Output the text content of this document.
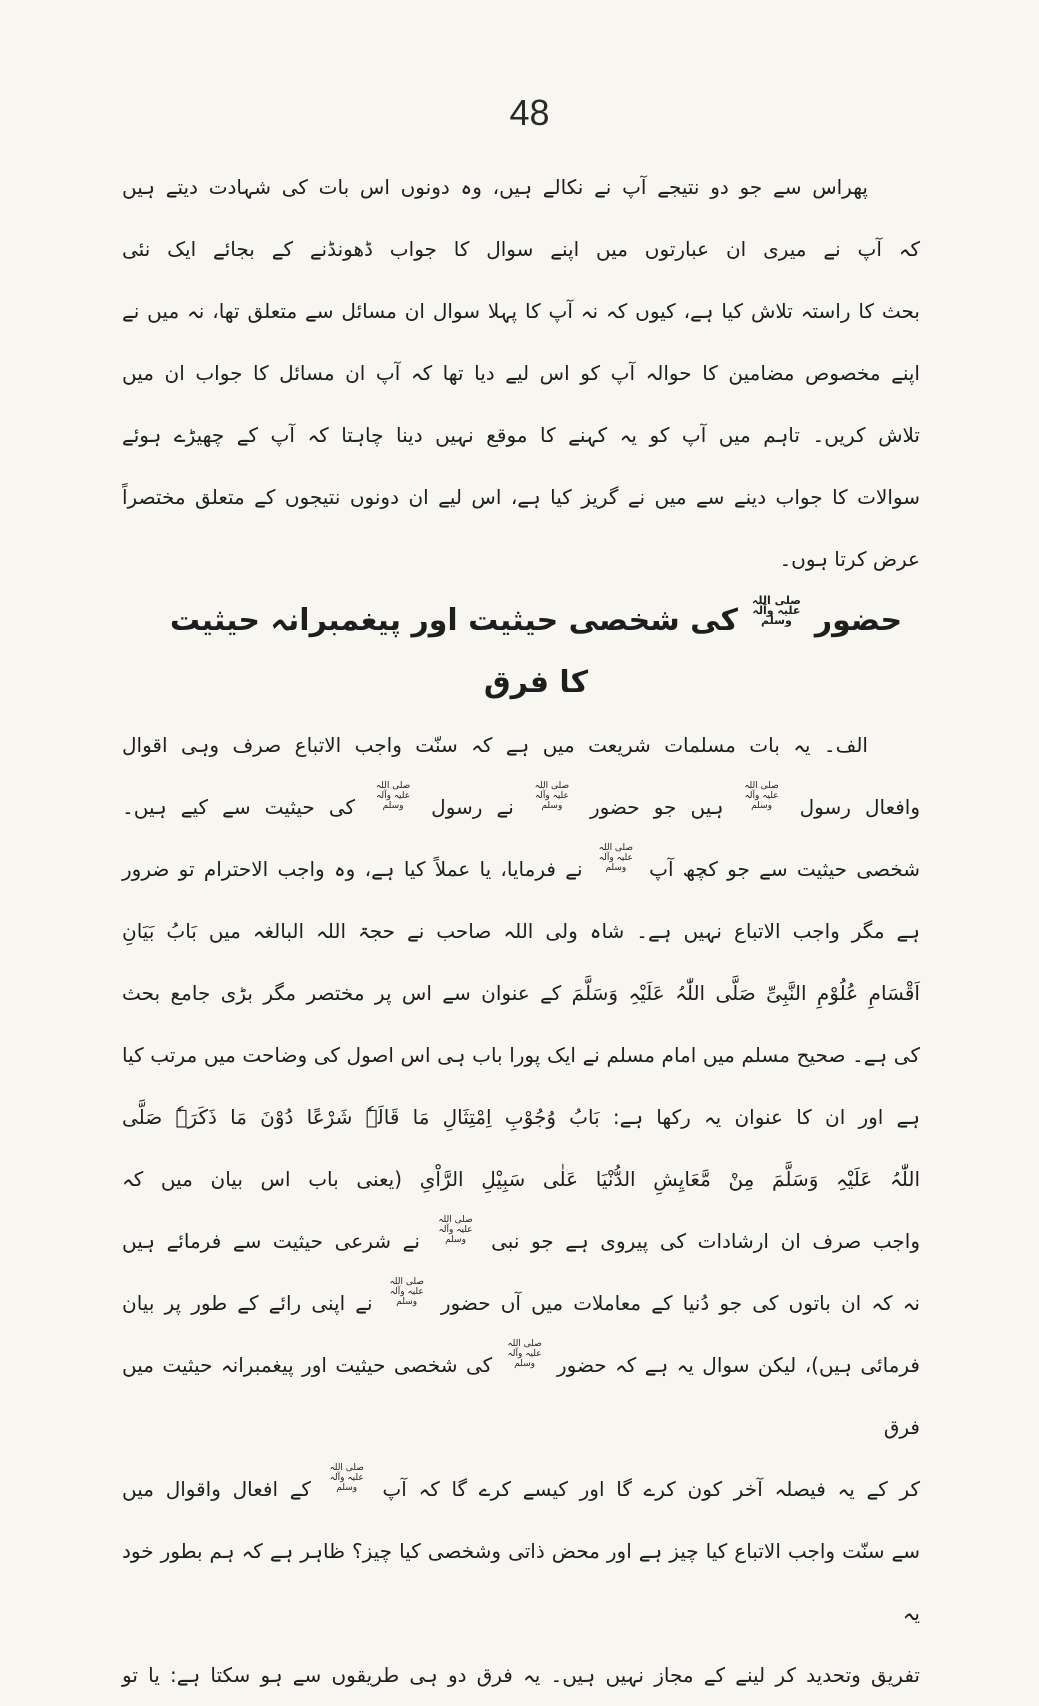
48
پھراس سے جو دو نتیجے آپ نے نکالے ہیں، وہ دونوں اس بات کی شہادت دیتے ہیں
کہ آپ نے میری ان عبارتوں میں اپنے سوال کا جواب ڈھونڈنے کے بجائے ایک نئی
بحث کا راستہ تلاش کیا ہے، کیوں کہ نہ آپ کا پہلا سوال ان مسائل سے متعلق تھا، نہ میں نے
اپنے مخصوص مضامین کا حوالہ آپ کو اس لیے دیا تھا کہ آپ ان مسائل کا جواب ان میں
تلاش کریں۔ تاہم میں آپ کو یہ کہنے کا موقع نہیں دینا چاہتا کہ آپ کے چھیڑے ہوئے
سوالات کا جواب دینے سے میں نے گریز کیا ہے، اس لیے ان دونوں نتیجوں کے متعلق مختصراً
عرض کرتا ہوں۔
حضور صلی اللہ علیہ وآلہ وسلم کی شخصی حیثیت اور پیغمبرانہ حیثیت کا فرق
الف۔ یہ بات مسلمات شریعت میں ہے کہ سنّت واجب الاتباع صرف وہی اقوال
وافعال رسول صلی اللہ علیہ وآلہ وسلم ہیں جو حضور صلی اللہ علیہ وآلہ وسلم نے رسول صلی اللہ علیہ وآلہ وسلم کی حیثیت سے کیے ہیں۔
شخصی حیثیت سے جو کچھ آپ صلی اللہ علیہ وآلہ وسلم نے فرمایا، یا عملاً کیا ہے، وہ واجب الاحترام تو ضرور
ہے مگر واجب الاتباع نہیں ہے۔ شاہ ولی اللہ صاحب نے حجۃ اللہ البالغہ میں بَابُ بَیَانِ
اَقْسَامِ عُلُوْمِ النَّبِیِّ صَلَّی اللّٰہُ عَلَیْہِ وَسَلَّمَ کے عنوان سے اس پر مختصر مگر بڑی جامع بحث
کی ہے۔ صحیح مسلم میں امام مسلم نے ایک پورا باب ہی اس اصول کی وضاحت میں مرتب کیا
ہے اور ان کا عنوان یہ رکھا ہے: بَابُ وُجُوْبِ اِمْتِثَالِ مَا قَالَہٗ شَرْعًا دُوْنَ مَا ذَکَرَہٗ صَلَّی
اللّٰہُ عَلَیْہِ وَسَلَّمَ مِنْ مَّعَایِشِ الدُّنْیَا عَلٰی سَبِیْلِ الرَّاْیِ (یعنی باب اس بیان میں کہ
واجب صرف ان ارشادات کی پیروی ہے جو نبی صلی اللہ علیہ وآلہ وسلم نے شرعی حیثیت سے فرمائے ہیں
نہ کہ ان باتوں کی جو دُنیا کے معاملات میں آں حضور صلی اللہ علیہ وآلہ وسلم نے اپنی رائے کے طور پر بیان
فرمائی ہیں)، لیکن سوال یہ ہے کہ حضور صلی اللہ علیہ وآلہ وسلم کی شخصی حیثیت اور پیغمبرانہ حیثیت میں فرق
کر کے یہ فیصلہ آخر کون کرے گا اور کیسے کرے گا کہ آپ صلی اللہ علیہ وآلہ وسلم کے افعال واقوال میں
سے سنّت واجب الاتباع کیا چیز ہے اور محض ذاتی وشخصی کیا چیز؟ ظاہر ہے کہ ہم بطور خود یہ
تفریق وتحدید کر لینے کے مجاز نہیں ہیں۔ یہ فرق دو ہی طریقوں سے ہو سکتا ہے: یا تو
